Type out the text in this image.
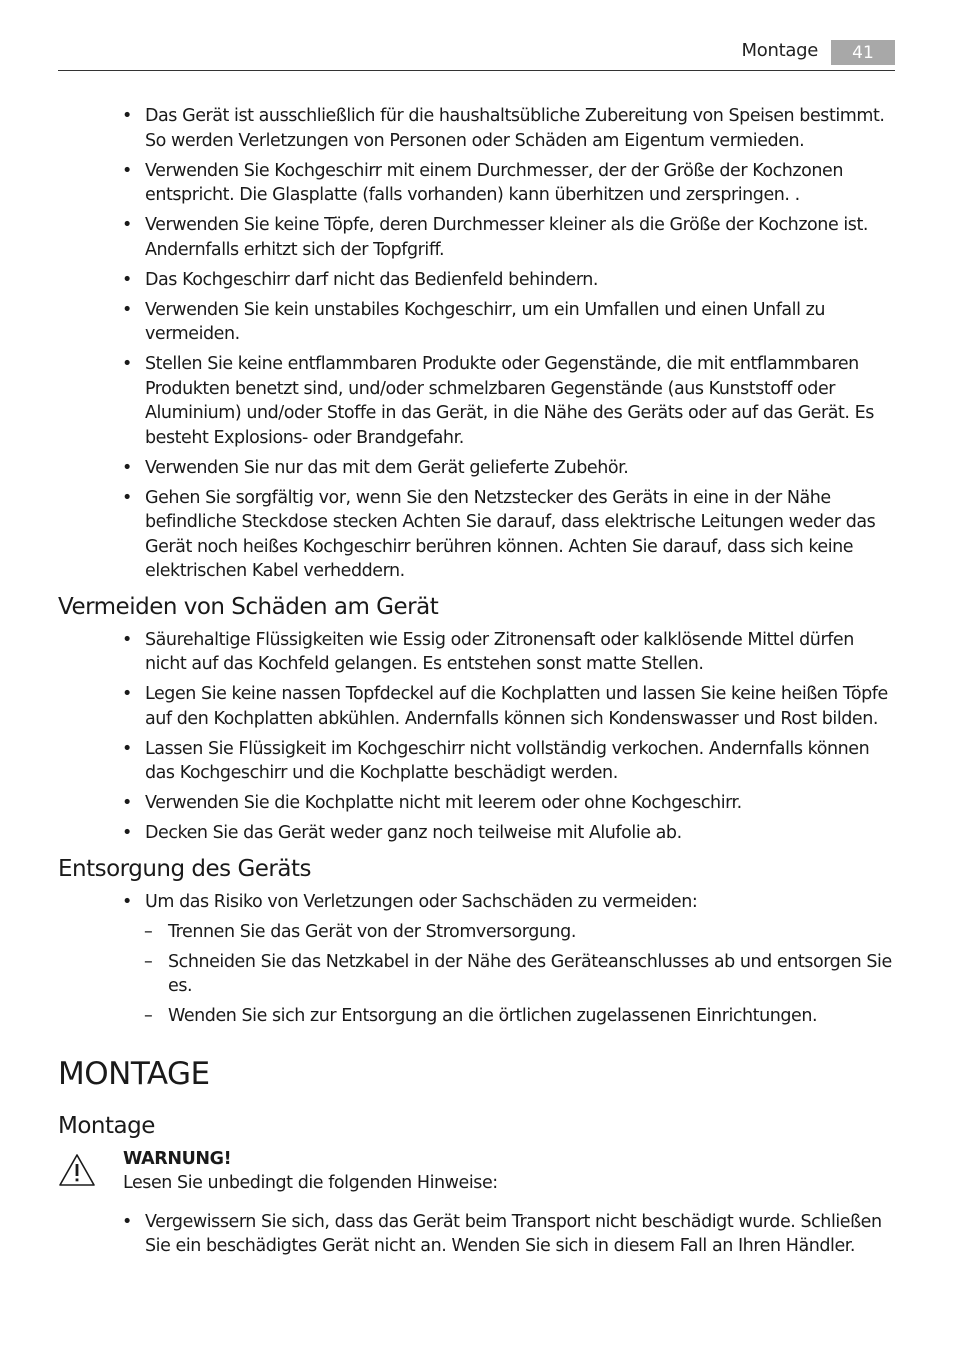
Montage 41
• Das Gerät ist ausschließlich für die haushaltsübliche Zubereitung von Speisen bestimmt. So werden Verletzungen von Personen oder Schäden am Eigentum vermieden.
• Verwenden Sie Kochgeschirr mit einem Durchmesser, der der Größe der Kochzonen entspricht. Die Glasplatte (falls vorhanden) kann überhitzen und zerspringen. .
• Verwenden Sie keine Töpfe, deren Durchmesser kleiner als die Größe der Kochzone ist. Andernfalls erhitzt sich der Topfgriff.
• Das Kochgeschirr darf nicht das Bedienfeld behindern.
• Verwenden Sie kein unstabiles Kochgeschirr, um ein Umfallen und einen Unfall zu vermeiden.
• Stellen Sie keine entflammbaren Produkte oder Gegenstände, die mit entflammbaren Produkten benetzt sind, und/oder schmelzbaren Gegenstände (aus Kunststoff oder Aluminium) und/oder Stoffe in das Gerät, in die Nähe des Geräts oder auf das Gerät. Es besteht Explosions- oder Brandgefahr.
• Verwenden Sie nur das mit dem Gerät gelieferte Zubehör.
• Gehen Sie sorgfältig vor, wenn Sie den Netzstecker des Geräts in eine in der Nähe befindliche Steckdose stecken Achten Sie darauf, dass elektrische Leitungen weder das Gerät noch heißes Kochgeschirr berühren können. Achten Sie darauf, dass sich keine elektrischen Kabel verheddern.
Vermeiden von Schäden am Gerät
• Säurehaltige Flüssigkeiten wie Essig oder Zitronensaft oder kalklösende Mittel dürfen nicht auf das Kochfeld gelangen. Es entstehen sonst matte Stellen.
• Legen Sie keine nassen Topfdeckel auf die Kochplatten und lassen Sie keine heißen Töpfe auf den Kochplatten abkühlen. Andernfalls können sich Kondenswasser und Rost bilden.
• Lassen Sie Flüssigkeit im Kochgeschirr nicht vollständig verkochen. Andernfalls können das Kochgeschirr und die Kochplatte beschädigt werden.
• Verwenden Sie die Kochplatte nicht mit leerem oder ohne Kochgeschirr.
• Decken Sie das Gerät weder ganz noch teilweise mit Alufolie ab.
Entsorgung des Geräts
• Um das Risiko von Verletzungen oder Sachschäden zu vermeiden:
– Trennen Sie das Gerät von der Stromversorgung.
– Schneiden Sie das Netzkabel in der Nähe des Geräteanschlusses ab und entsorgen Sie es.
– Wenden Sie sich zur Entsorgung an die örtlichen zugelassenen Einrichtungen.
MONTAGE
Montage
WARNUNG!
Lesen Sie unbedingt die folgenden Hinweise:
• Vergewissern Sie sich, dass das Gerät beim Transport nicht beschädigt wurde. Schließen Sie ein beschädigtes Gerät nicht an. Wenden Sie sich in diesem Fall an Ihren Händler.
